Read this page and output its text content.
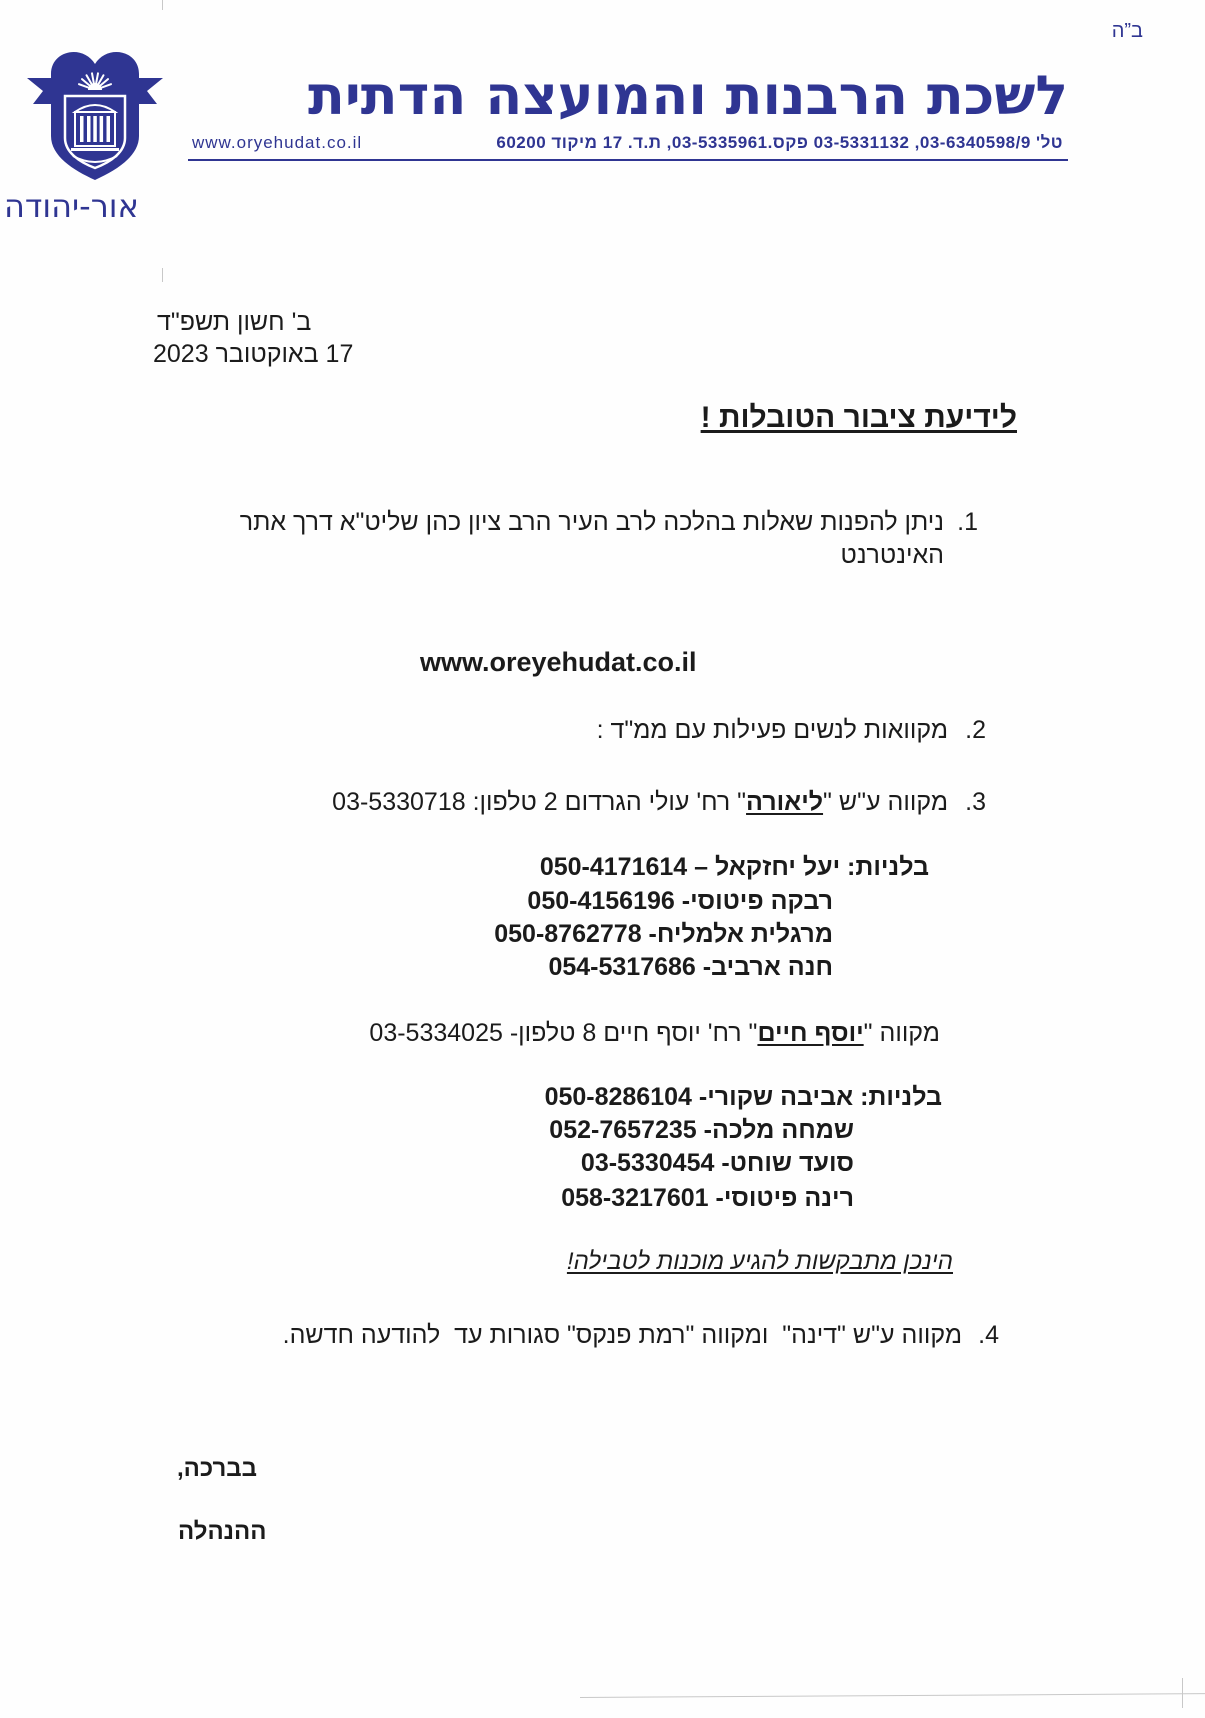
ב”ה
אור-יהודה
לשכת הרבנות והמועצה הדתית
טל' 03-6340598/9, 03-5331132 פקס.03-5335961, ת.ד. 17 מיקוד 60200
www.oryehudat.co.il
ב' חשון תשפ"ד
17 באוקטובר 2023
לידיעת ציבור הטובלות !
1.
ניתן להפנות שאלות בהלכה לרב העיר הרב ציון כהן שליט"א דרך אתר
האינטרנט
www.oreyehudat.co.il
2.
מקוואות לנשים פעילות עם ממ"ד :
3.
מקווה ע"ש "ליאורה" רח' עולי הגרדום 2 טלפון: 03-5330718
בלניות: יעל יחזקאל – 050-4171614
רבקה פיטוסי- 050-4156196
מרגלית אלמליח- 050-8762778
חנה ארביב- 054-5317686
מקווה "יוסף חיים" רח' יוסף חיים 8 טלפון- 03-5334025
בלניות: אביבה שקורי- 050-8286104
שמחה מלכה- 052-7657235
סועד שוחט- 03-5330454
רינה פיטוסי- 058-3217601
הינכן מתבקשות להגיע מוכנות לטבילה!
4.
מקווה ע"ש "דינה"  ומקווה "רמת פנקס" סגורות עד  להודעה חדשה.
בברכה,
ההנהלה
